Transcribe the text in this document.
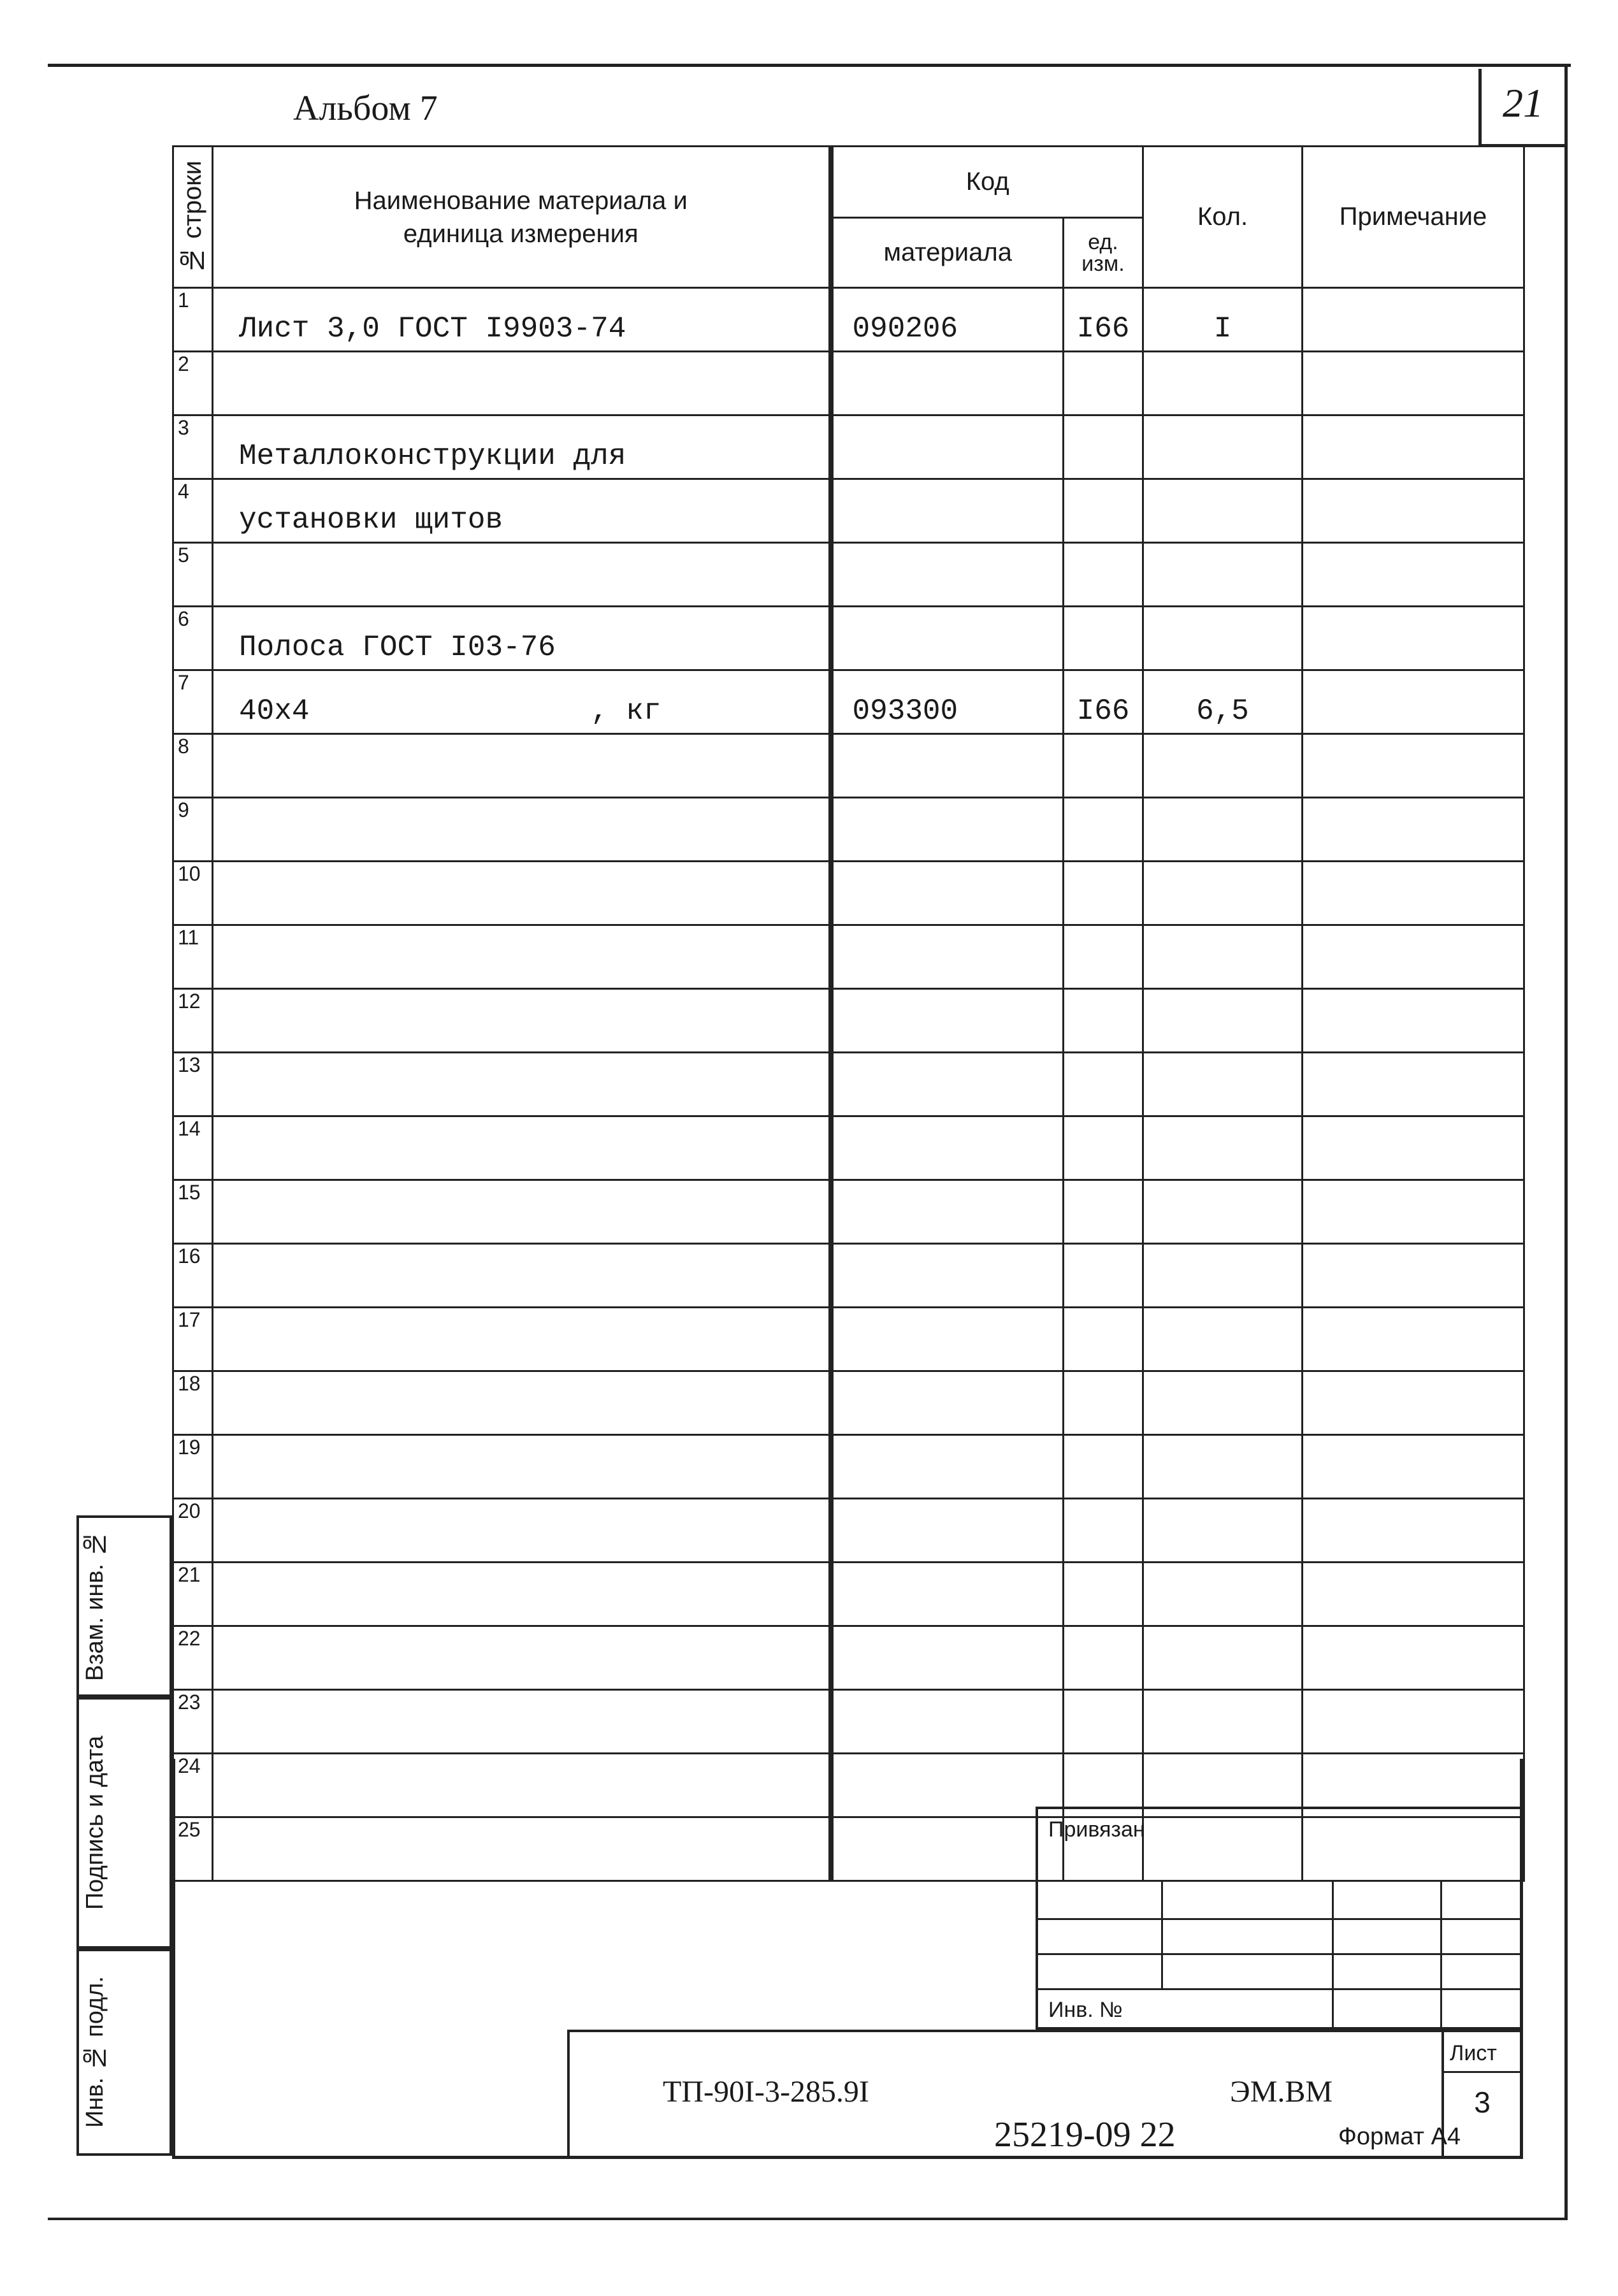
Альбом 7	21
№ строки	Наименование материала и единица измерения	Код		Кол.	Примечание
		материала	ед. изм.		

1	Лист 3,0 ГОСТ I9903-74	090206	I66	I	
2					
3	Металлоконструкции для				
4	установки щитов				
5					
6	Полоса ГОСТ I03-76				
7	40х4                , кг	093300	I66	6,5	
8					
9					
10					
11					
12					
13					
14					
15					
16					
17					
18					
19					
20					
21					
22					
23					
24					
25					
Взам. инв. №
Подпись и дата
Инв. № подл.
Привязан
Инв. №
ТП-90I-3-285.9I	ЭМ.ВМ
Лист
3
25219-09 22	Формат А4
